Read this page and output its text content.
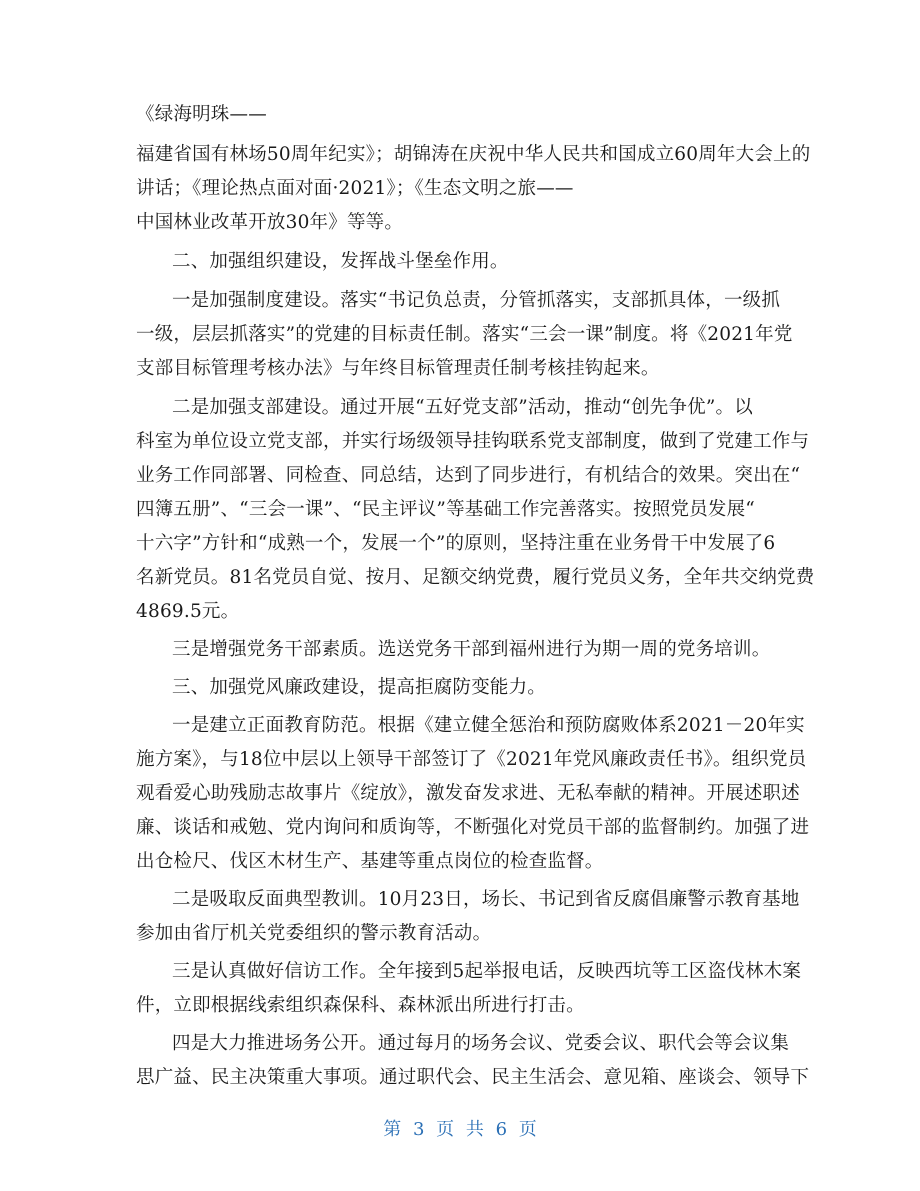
《绿海明珠——
福建省国有林场50周年纪实》；胡锦涛在庆祝中华人民共和国成立60周年大会上的
讲话；《理论热点面对面·2021》；《生态文明之旅——
中国林业改革开放30年》等等。
二、加强组织建设，发挥战斗堡垒作用。
一是加强制度建设。落实“书记负总责，分管抓落实，支部抓具体，一级抓
一级，层层抓落实”的党建的目标责任制。落实“三会一课”制度。将《2021年党
支部目标管理考核办法》与年终目标管理责任制考核挂钩起来。
二是加强支部建设。通过开展“五好党支部”活动，推动“创先争优”。以
科室为单位设立党支部，并实行场级领导挂钩联系党支部制度，做到了党建工作与
业务工作同部署、同检查、同总结，达到了同步进行，有机结合的效果。突出在“
四簿五册”、“三会一课”、“民主评议”等基础工作完善落实。按照党员发展“
十六字”方针和“成熟一个，发展一个”的原则，坚持注重在业务骨干中发展了6
名新党员。81名党员自觉、按月、足额交纳党费，履行党员义务，全年共交纳党费
4869.5元。
三是增强党务干部素质。选送党务干部到福州进行为期一周的党务培训。
三、加强党风廉政建设，提高拒腐防变能力。
一是建立正面教育防范。根据《建立健全惩治和预防腐败体系2021－20年实
施方案》，与18位中层以上领导干部签订了《2021年党风廉政责任书》。组织党员
观看爱心助残励志故事片《绽放》，激发奋发求进、无私奉献的精神。开展述职述
廉、谈话和戒勉、党内询问和质询等，不断强化对党员干部的监督制约。加强了进
出仓检尺、伐区木材生产、基建等重点岗位的检查监督。
二是吸取反面典型教训。10月23日，场长、书记到省反腐倡廉警示教育基地
参加由省厅机关党委组织的警示教育活动。
三是认真做好信访工作。全年接到5起举报电话，反映西坑等工区盗伐林木案
件，立即根据线索组织森保科、森林派出所进行打击。
四是大力推进场务公开。通过每月的场务会议、党委会议、职代会等会议集
思广益、民主决策重大事项。通过职代会、民主生活会、意见箱、座谈会、领导下
第 3 页 共 6 页
